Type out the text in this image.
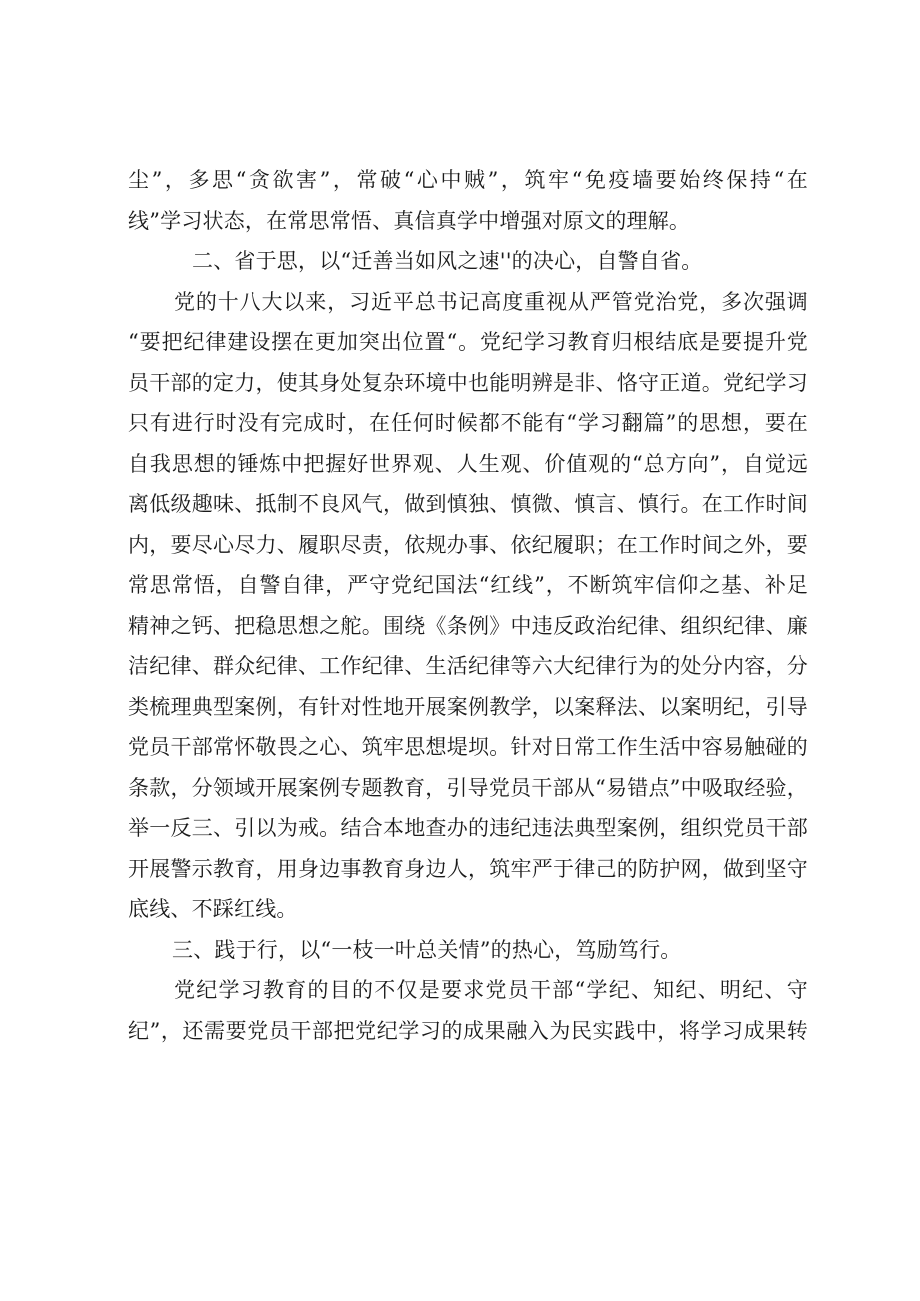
尘”，多思“贪欲害”，常破“心中贼”，筑牢“免疫墙要始终保持“在
线”学习状态，在常思常悟、真信真学中增强对原文的理解。
二、省于思，以“迁善当如风之速''的决心，自警自省。
党的十八大以来，习近平总书记高度重视从严管党治党，多次强调
“要把纪律建设摆在更加突出位置“。党纪学习教育归根结底是要提升党
员干部的定力，使其身处复杂环境中也能明辨是非、恪守正道。党纪学习
只有进行时没有完成时，在任何时候都不能有“学习翻篇”的思想，要在
自我思想的锤炼中把握好世界观、人生观、价值观的“总方向”，自觉远
离低级趣味、抵制不良风气，做到慎独、慎微、慎言、慎行。在工作时间
内，要尽心尽力、履职尽责，依规办事、依纪履职；在工作时间之外，要
常思常悟，自警自律，严守党纪国法“红线”，不断筑牢信仰之基、补足
精神之钙、把稳思想之舵。围绕《条例》中违反政治纪律、组织纪律、廉
洁纪律、群众纪律、工作纪律、生活纪律等六大纪律行为的处分内容，分
类梳理典型案例，有针对性地开展案例教学，以案释法、以案明纪，引导
党员干部常怀敬畏之心、筑牢思想堤坝。针对日常工作生活中容易触碰的
条款，分领域开展案例专题教育，引导党员干部从“易错点”中吸取经验，
举一反三、引以为戒。结合本地查办的违纪违法典型案例，组织党员干部
开展警示教育，用身边事教育身边人，筑牢严于律己的防护网，做到坚守
底线、不踩红线。
三、践于行，以“一枝一叶总关情”的热心，笃励笃行。
党纪学习教育的目的不仅是要求党员干部“学纪、知纪、明纪、守
纪”，还需要党员干部把党纪学习的成果融入为民实践中，将学习成果转
